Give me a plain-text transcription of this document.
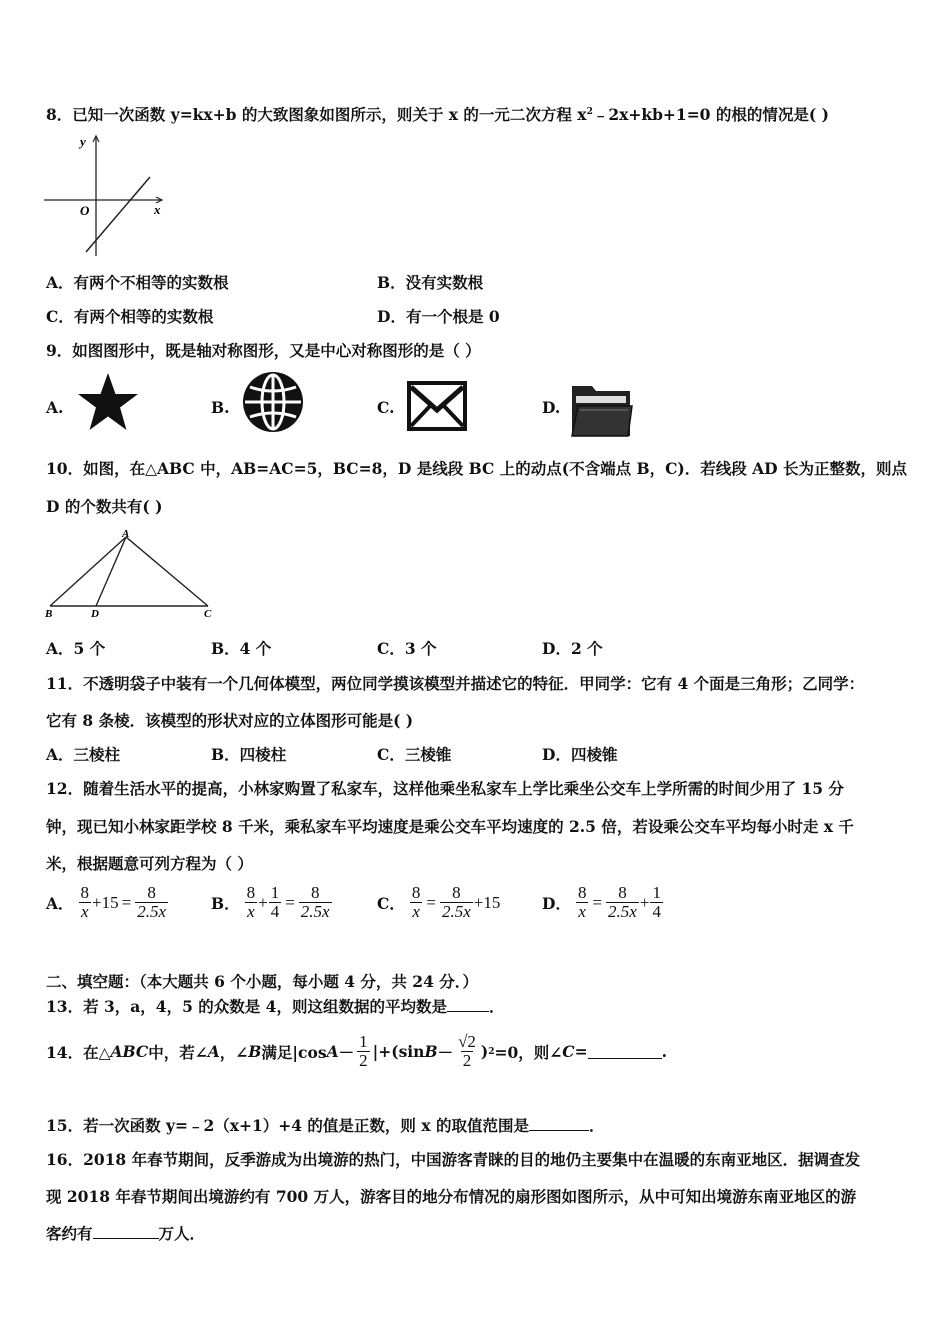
8．已知一次函数 y=kx+b 的大致图象如图所示，则关于 x 的一元二次方程 $x^2﹣2x+kb+1=0$ 的根的情况是( )
y
x
O
A．有两个不相等的实数根	B．没有实数根
C．有两个相等的实数根	D．有一个根是 0
9．如图图形中，既是轴对称图形，又是中心对称图形的是（ ）
A.	B.	C.	D.
10．如图，在△ABC 中，AB=AC=5，BC=8，D 是线段 BC 上的动点(不含端点 B，C)．若线段 AD 长为正整数，则点
D 的个数共有( )
A
B	D	C
A．5 个	B．4 个	C．3 个	D．2 个
11．不透明袋子中装有一个几何体模型，两位同学摸该模型并描述它的特征．甲同学：它有 4 个面是三角形；乙同学：
它有 8 条棱．该模型的形状对应的立体图形可能是( )
A．三棱柱	B．四棱柱	C．三棱锥	D．四棱锥
12．随着生活水平的提高，小林家购置了私家车，这样他乘坐私家车上学比乘坐公交车上学所需的时间少用了 15 分
钟，现已知小林家距学校 8 千米，乘私家车平均速度是乘公交车平均速度的 2.5 倍，若设乘公交车平均每小时走 x 千
米，根据题意可列方程为（ ）
A． $\frac{8}{x} +15 = \frac{8}{2.5x}$	B． $\frac{8}{x} + \frac{1}{4} = \frac{8}{2.5x}$	C． $\frac{8}{x} = \frac{8}{2.5x} +15$	D． $\frac{8}{x} = \frac{8}{2.5x} + \frac{1}{4}$
二、填空题：（本大题共 6 个小题，每小题 4 分，共 24 分．）
13．若 3，a，4，5 的众数是 4，则这组数据的平均数是	．
14．在△ ABC 中，若∠ A ，∠ B 满足|cos $A - \frac{1}{2} |+(\sin$ $B - \frac{√2}{2}$ ) 2 =0，则∠ C =	.
15．若一次函数 y=﹣2（x+1）+4 的值是正数，则 x 的取值范围是	．
16．2018 年春节期间，反季游成为出境游的热门，中国游客青睐的目的地仍主要集中在温暖的东南亚地区．据调查发
现 2018 年春节期间出境游约有 700 万人，游客目的地分布情况的扇形图如图所示，从中可知出境游东南亚地区的游
客约有	万人．
